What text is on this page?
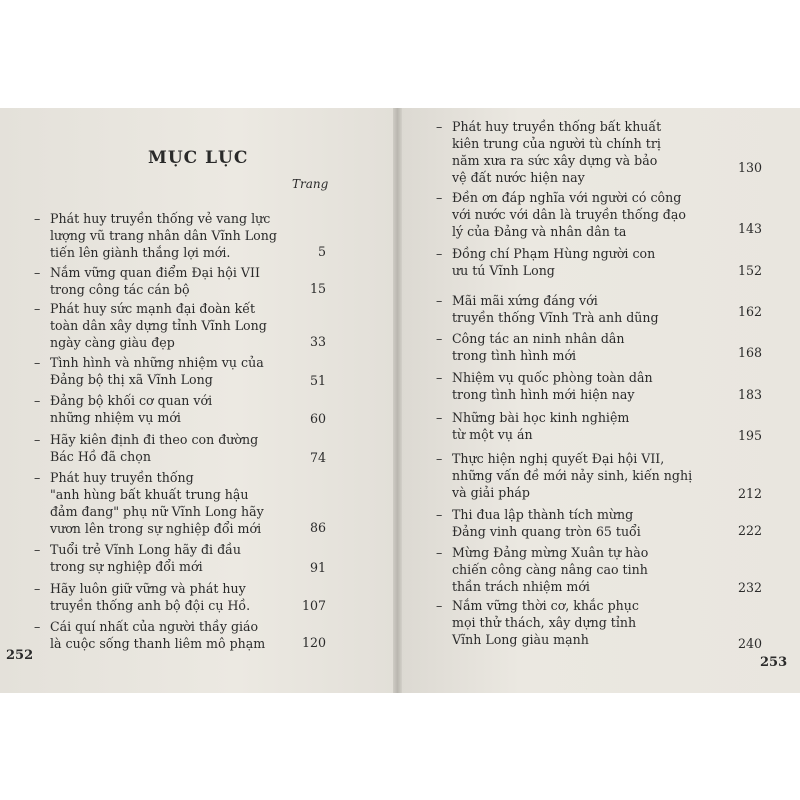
MỤC LỤC
Trang
– Phát huy truyền thống vẻ vang lực
lượng vũ trang nhân dân Vĩnh Long
tiến lên giành thắng lợi mới.	5
– Nắm vững quan điểm Đại hội VII
trong công tác cán bộ	15
– Phát huy sức mạnh đại đoàn kết
toàn dân xây dựng tỉnh Vĩnh Long
ngày càng giàu đẹp	33
– Tình hình và những nhiệm vụ của
Đảng bộ thị xã Vĩnh Long	51
– Đảng bộ khối cơ quan với
những nhiệm vụ mới	60
– Hãy kiên định đi theo con đường
Bác Hồ đã chọn	74
– Phát huy truyền thống
"anh hùng bất khuất trung hậu
đảm đang" phụ nữ Vĩnh Long hãy
vươn lên trong sự nghiệp đổi mới	86
– Tuổi trẻ Vĩnh Long hãy đi đầu
trong sự nghiệp đổi mới	91
– Hãy luôn giữ vững và phát huy
truyền thống anh bộ đội cụ Hồ.	107
– Cái quí nhất của người thầy giáo
là cuộc sống thanh liêm mô phạm	120
252
– Phát huy truyền thống bất khuất
kiên trung của người tù chính trị
năm xưa ra sức xây dựng và bảo
vệ đất nước hiện nay
130
– Đền ơn đáp nghĩa với người có công
với nước với dân là truyền thống đạo
lý của Đảng và nhân dân ta	143
– Đồng chí Phạm Hùng người con
ưu tú Vĩnh Long	152
– Mãi mãi xứng đáng với
truyền thống Vĩnh Trà anh dũng	162
– Công tác an ninh nhân dân
trong tình hình mới	168
– Nhiệm vụ quốc phòng toàn dân
trong tình hình mới hiện nay	183
– Những bài học kinh nghiệm
từ một vụ án	195
– Thực hiện nghị quyết Đại hội VII,
những vấn đề mới nảy sinh, kiến nghị
và giải pháp	212
– Thi đua lập thành tích mừng
Đảng vinh quang tròn 65 tuổi	222
– Mừng Đảng mừng Xuân tự hào
chiến công càng nâng cao tinh
thần trách nhiệm mới	232
– Nắm vững thời cơ, khắc phục
mọi thử thách, xây dựng tỉnh
Vĩnh Long giàu mạnh	240
253
